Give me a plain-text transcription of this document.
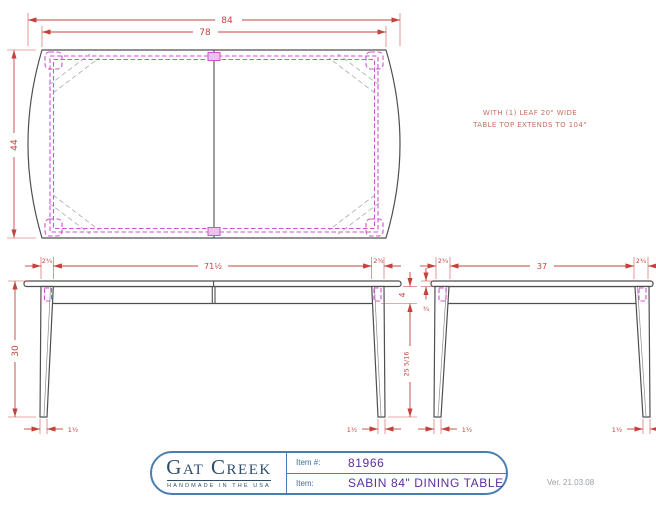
84
78
44
WITH (1) LEAF 20" WIDE
TABLE TOP EXTENDS TO 104"
2¾
71½
2¾
30
4
25 5/16
1½	1½
2¾
37
2¾
¾
1½	1½
Gat Creek
HANDMADE IN THE USA
Item #:	81966
Item:	SABIN 84" DINING TABLE	Ver. 21.03.08
